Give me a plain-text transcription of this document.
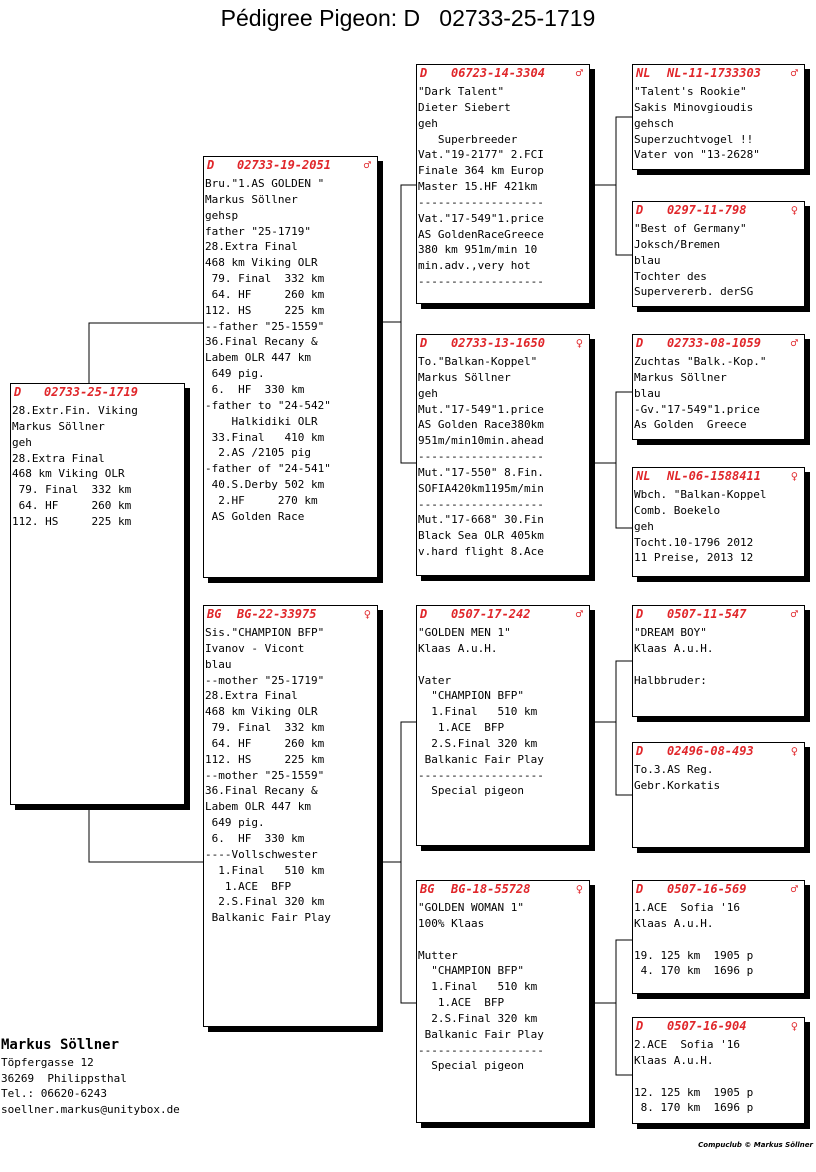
Pédigree Pigeon: D   02733-25-1719
D 02733-25-1719
28.Extr.Fin. Viking
Markus Söllner
geh
28.Extra Final
468 km Viking OLR
79. Final  332 km
64. HF     260 km
112. HS     225 km
D 02733-19-2051	♂
Bru."1.AS GOLDEN "
Markus Söllner
gehsp
father "25-1719"
28.Extra Final
468 km Viking OLR
79. Final  332 km
64. HF     260 km
112. HS     225 km
--father "25-1559"
36.Final Recany &
Labem OLR 447 km
649 pig.
6.  HF  330 km
-father to "24-542"
Halkidiki OLR
33.Final   410 km
2.AS /2105 pig
-father of "24-541"
40.S.Derby 502 km
2.HF     270 km
AS Golden Race
BG BG-22-33975	♀
Sis."CHAMPION BFP"
Ivanov - Vicont
blau
--mother "25-1719"
28.Extra Final
468 km Viking OLR
79. Final  332 km
64. HF     260 km
112. HS     225 km
--mother "25-1559"
36.Final Recany &
Labem OLR 447 km
649 pig.
6.  HF  330 km
----Vollschwester
1.Final   510 km
1.ACE  BFP
2.S.Final 320 km
Balkanic Fair Play
D 06723-14-3304	♂
"Dark Talent"
Dieter Siebert
geh
Superbreeder
Vat."19-2177" 2.FCI
Finale 364 km Europ
Master 15.HF 421km
-------------------
Vat."17-549"1.price
AS GoldenRaceGreece
380 km 951m/min 10
min.adv.,very hot
-------------------
D 02733-13-1650	♀
To."Balkan-Koppel"
Markus Söllner
geh
Mut."17-549"1.price
AS Golden Race380km
951m/min10min.ahead
-------------------
Mut."17-550" 8.Fin.
SOFIA420km1195m/min
-------------------
Mut."17-668" 30.Fin
Black Sea OLR 405km
v.hard flight 8.Ace
D 0507-17-242	♂
"GOLDEN MEN 1"
Klaas A.u.H.
Vater
"CHAMPION BFP"
1.Final   510 km
1.ACE  BFP
2.S.Final 320 km
Balkanic Fair Play
-------------------
Special pigeon
BG BG-18-55728	♀
"GOLDEN WOMAN 1"
100% Klaas
Mutter
"CHAMPION BFP"
1.Final   510 km
1.ACE  BFP
2.S.Final 320 km
Balkanic Fair Play
-------------------
Special pigeon
NL NL-11-1733303 ♂
"Talent's Rookie"
Sakis Minovgioudis
gehsch
Superzuchtvogel !!
Vater von "13-2628"
D 0297-11-798	♀
"Best of Germany"
Joksch/Bremen
blau
Tochter des
Supervererb. derSG
D 02733-08-1059 ♂
Zuchtas "Balk.-Kop."
Markus Söllner
blau
-Gv."17-549"1.price
As Golden  Greece
NL NL-06-1588411 ♀
Wbch. "Balkan-Koppel
Comb. Boekelo
geh
Tocht.10-1796 2012
11 Preise, 2013 12
D 0507-11-547	♂
"DREAM BOY"
Klaas A.u.H.
Halbbruder:
D 02496-08-493	♀
To.3.AS Reg.
Gebr.Korkatis
D 0507-16-569	♂
1.ACE  Sofia '16
Klaas A.u.H.
19. 125 km  1905 p
4. 170 km  1696 p
D 0507-16-904	♀
2.ACE  Sofia '16
Klaas A.u.H.
12. 125 km  1905 p
8. 170 km  1696 p
Markus Söllner
Töpfergasse 12
36269  Philippsthal
Tel.: 06620-6243
soellner.markus@unitybox.de
Compuclub © Markus Söllner
